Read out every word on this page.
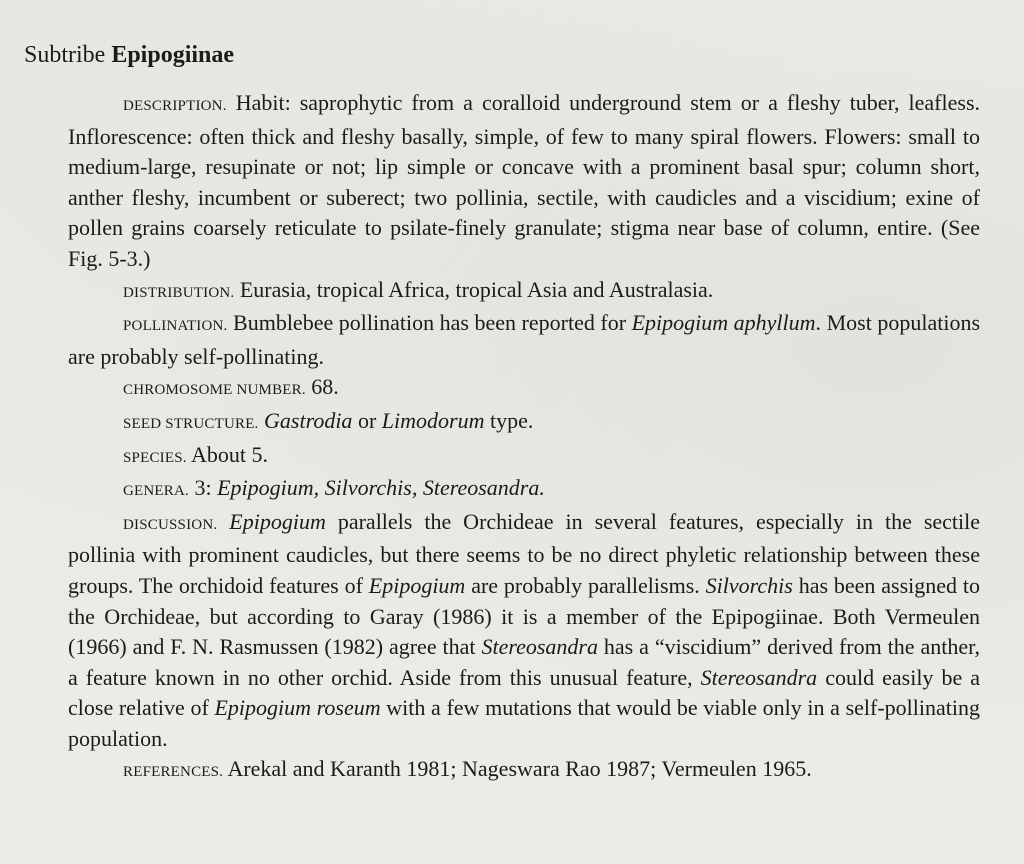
Subtribe Epipogiinae

DESCRIPTION. Habit: saprophytic from a coralloid underground stem or a fleshy tuber, leafless. Inflorescence: often thick and fleshy basally, simple, of few to many spiral flowers. Flowers: small to medium-large, resupinate or not; lip simple or concave with a prominent basal spur; column short, anther fleshy, incumbent or suberect; two pollinia, sectile, with caudicles and a viscidium; exine of pollen grains coarsely reticulate to psilate-finely granulate; stigma near base of column, entire. (See Fig. 5-3.)

DISTRIBUTION. Eurasia, tropical Africa, tropical Asia and Australasia.

POLLINATION. Bumblebee pollination has been reported for Epipogium aphyllum. Most populations are probably self-pollinating.

CHROMOSOME NUMBER. 68.

SEED STRUCTURE. Gastrodia or Limodorum type.

SPECIES. About 5.

GENERA. 3: Epipogium, Silvorchis, Stereosandra.

DISCUSSION. Epipogium parallels the Orchideae in several features, especially in the sectile pollinia with prominent caudicles, but there seems to be no direct phyletic relationship between these groups. The orchidoid features of Epipogium are probably parallelisms. Silvorchis has been assigned to the Orchideae, but according to Garay (1986) it is a member of the Epipogiinae. Both Vermeulen (1966) and F. N. Rasmussen (1982) agree that Stereosandra has a “viscidium” derived from the anther, a feature known in no other orchid. Aside from this unusual feature, Stereosandra could easily be a close relative of Epipogium roseum with a few mutations that would be viable only in a self-pollinating population.

REFERENCES. Arekal and Karanth 1981; Nageswara Rao 1987; Vermeulen 1965.
